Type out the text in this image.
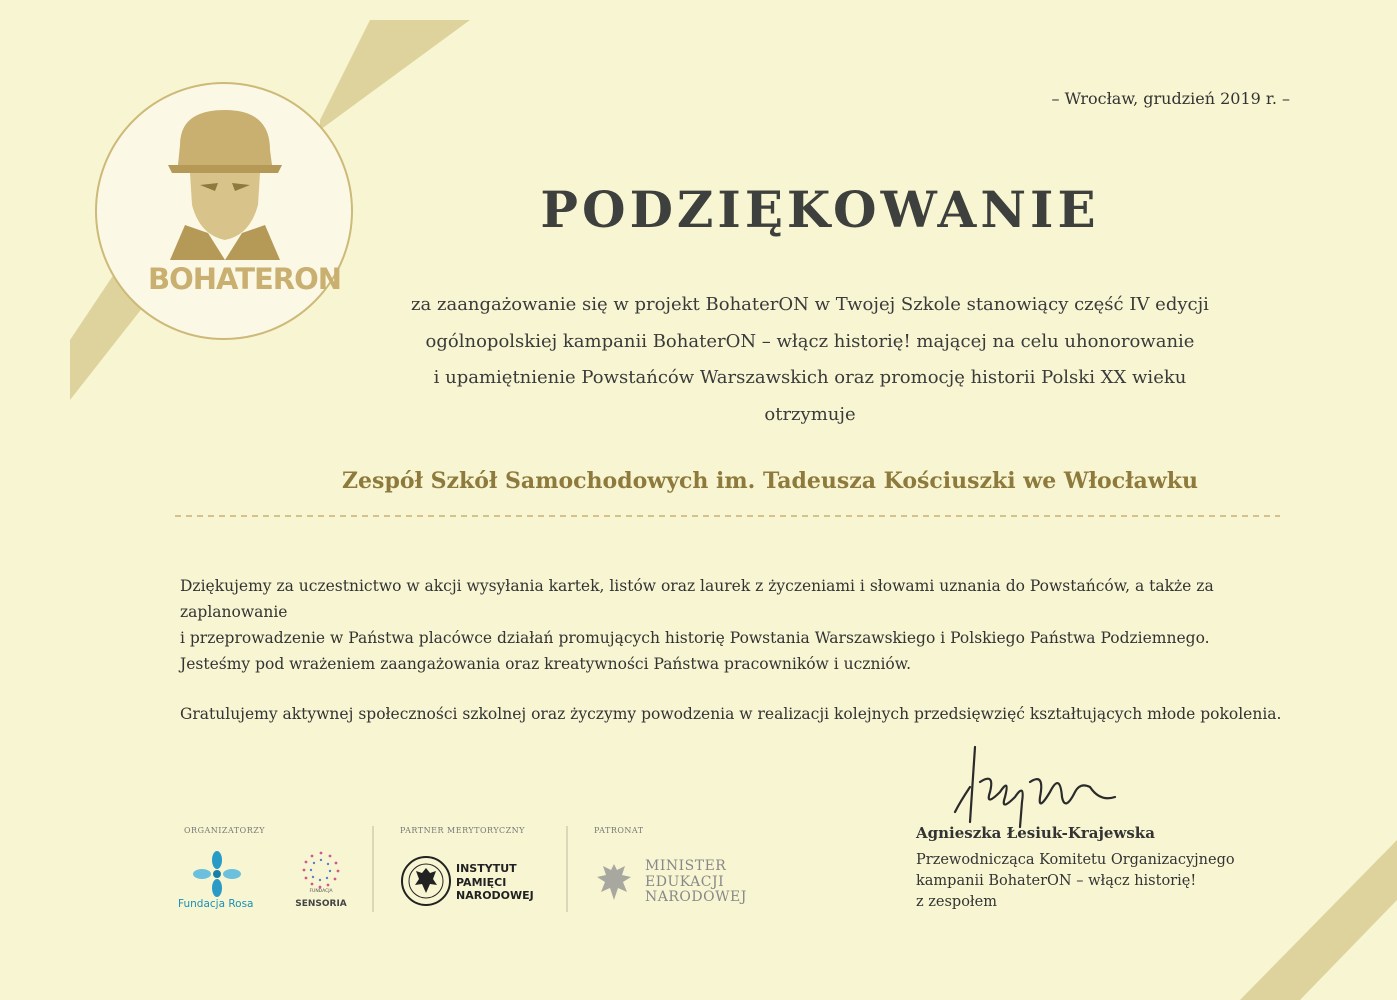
BOHATERON
– Wrocław, grudzień 2019 r. –
PODZIĘKOWANIE
za zaangażowanie się w projekt BohaterON w Twojej Szkole stanowiący część IV edycji
ogólnopolskiej kampanii BohaterON – włącz historię! mającej na celu uhonorowanie
i upamiętnienie Powstańców Warszawskich oraz promocję historii Polski XX wieku
otrzymuje
Zespół Szkół Samochodowych im. Tadeusza Kościuszki we Włocławku

Dziękujemy za uczestnictwo w akcji wysyłania kartek, listów oraz laurek z życzeniami i słowami uznania do Powstańców, a także za zaplanowanie

i przeprowadzenie w Państwa placówce działań promujących historię Powstania Warszawskiego i Polskiego Państwa Podziemnego.

Jesteśmy pod wrażeniem zaangażowania oraz kreatywności Państwa pracowników i uczniów.

Gratulujemy aktywnej społeczności szkolnej oraz życzymy powodzenia w realizacji kolejnych przedsięwzięć kształtujących młode pokolenia.

Agnieszka Łesiuk-Krajewska
Przewodnicząca Komitetu Organizacyjnego
kampanii BohaterON – włącz historię!
z zespołem
ORGANIZATORZY
Fundacja Rosa
FUNDACJA
SENSORIA
PARTNER MERYTORYCZNY
INSTYTUT
PAMIĘCI
NARODOWEJ
PATRONAT
MINISTER
EDUKACJI
NARODOWEJ
